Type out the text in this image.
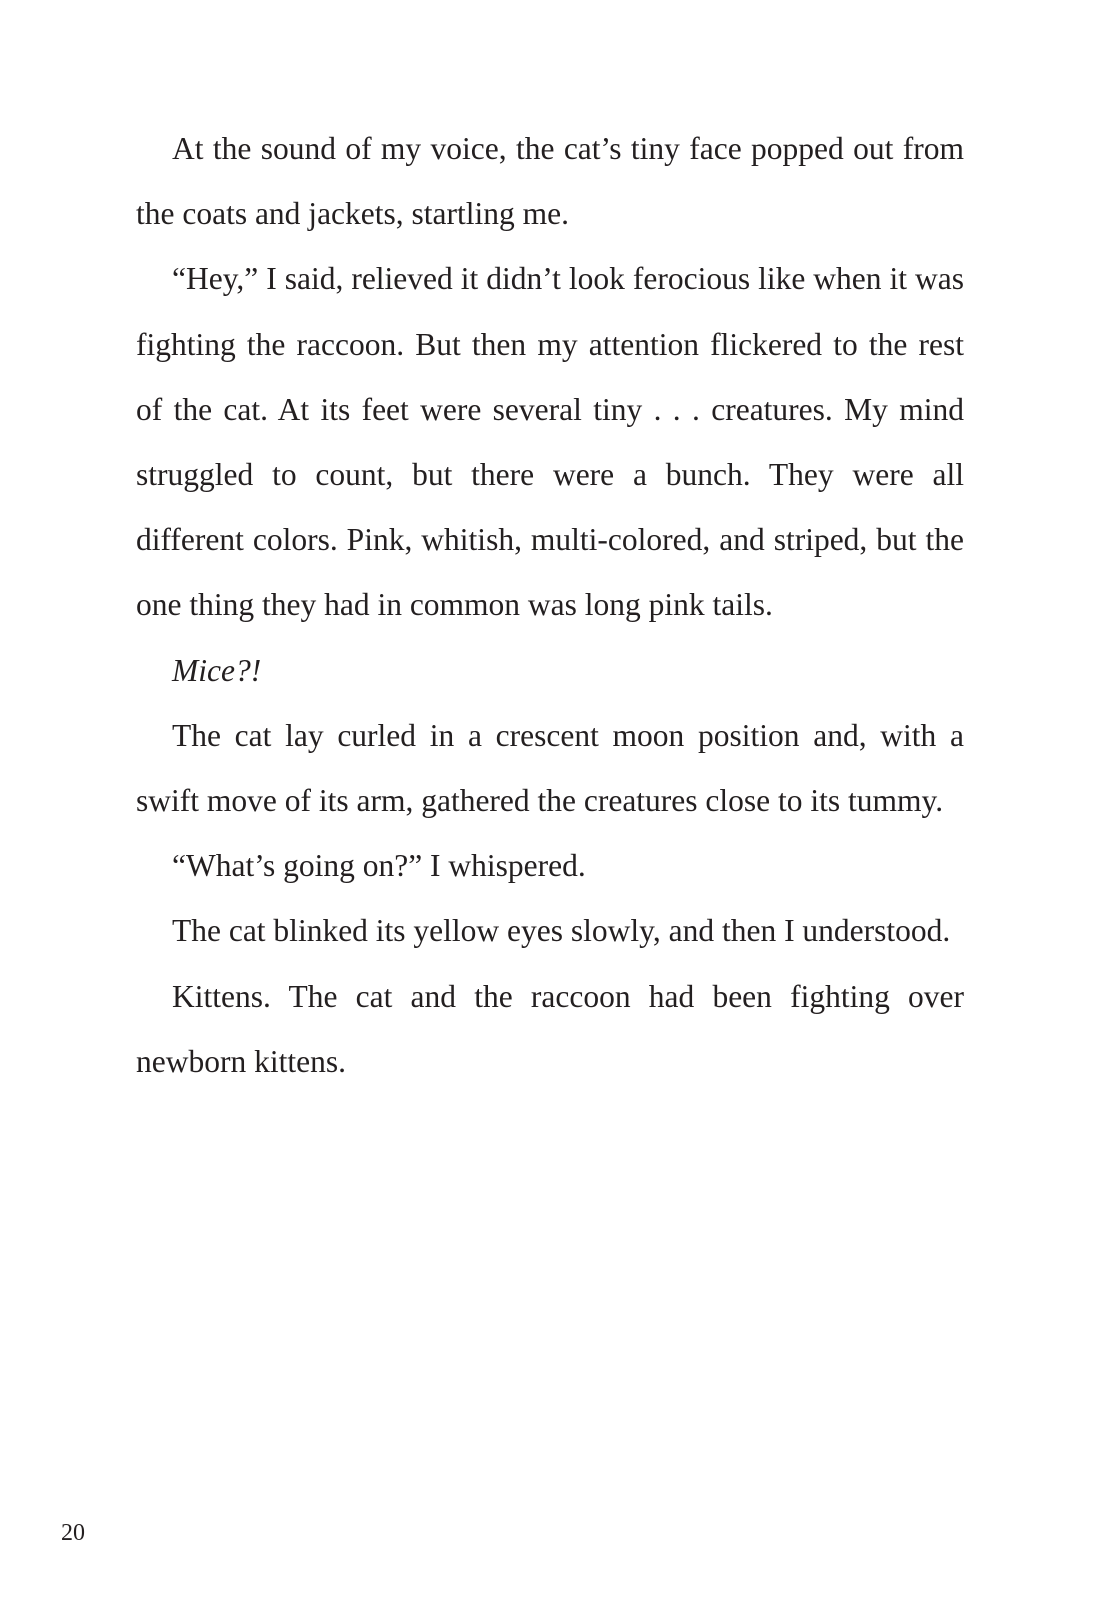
At the sound of my voice, the cat’s tiny face popped out from the coats and jackets, startling me.

“Hey,” I said, relieved it didn’t look ferocious like when it was fighting the raccoon. But then my attention flickered to the rest of the cat. At its feet were several tiny . . . creatures. My mind struggled to count, but there were a bunch. They were all different colors. Pink, whitish, multi-colored, and striped, but the one thing they had in common was long pink tails.

Mice?!

The cat lay curled in a crescent moon position and, with a swift move of its arm, gathered the creatures close to its tummy.

“What’s going on?” I whispered.

The cat blinked its yellow eyes slowly, and then I understood.

Kittens. The cat and the raccoon had been fighting over newborn kittens.

20
